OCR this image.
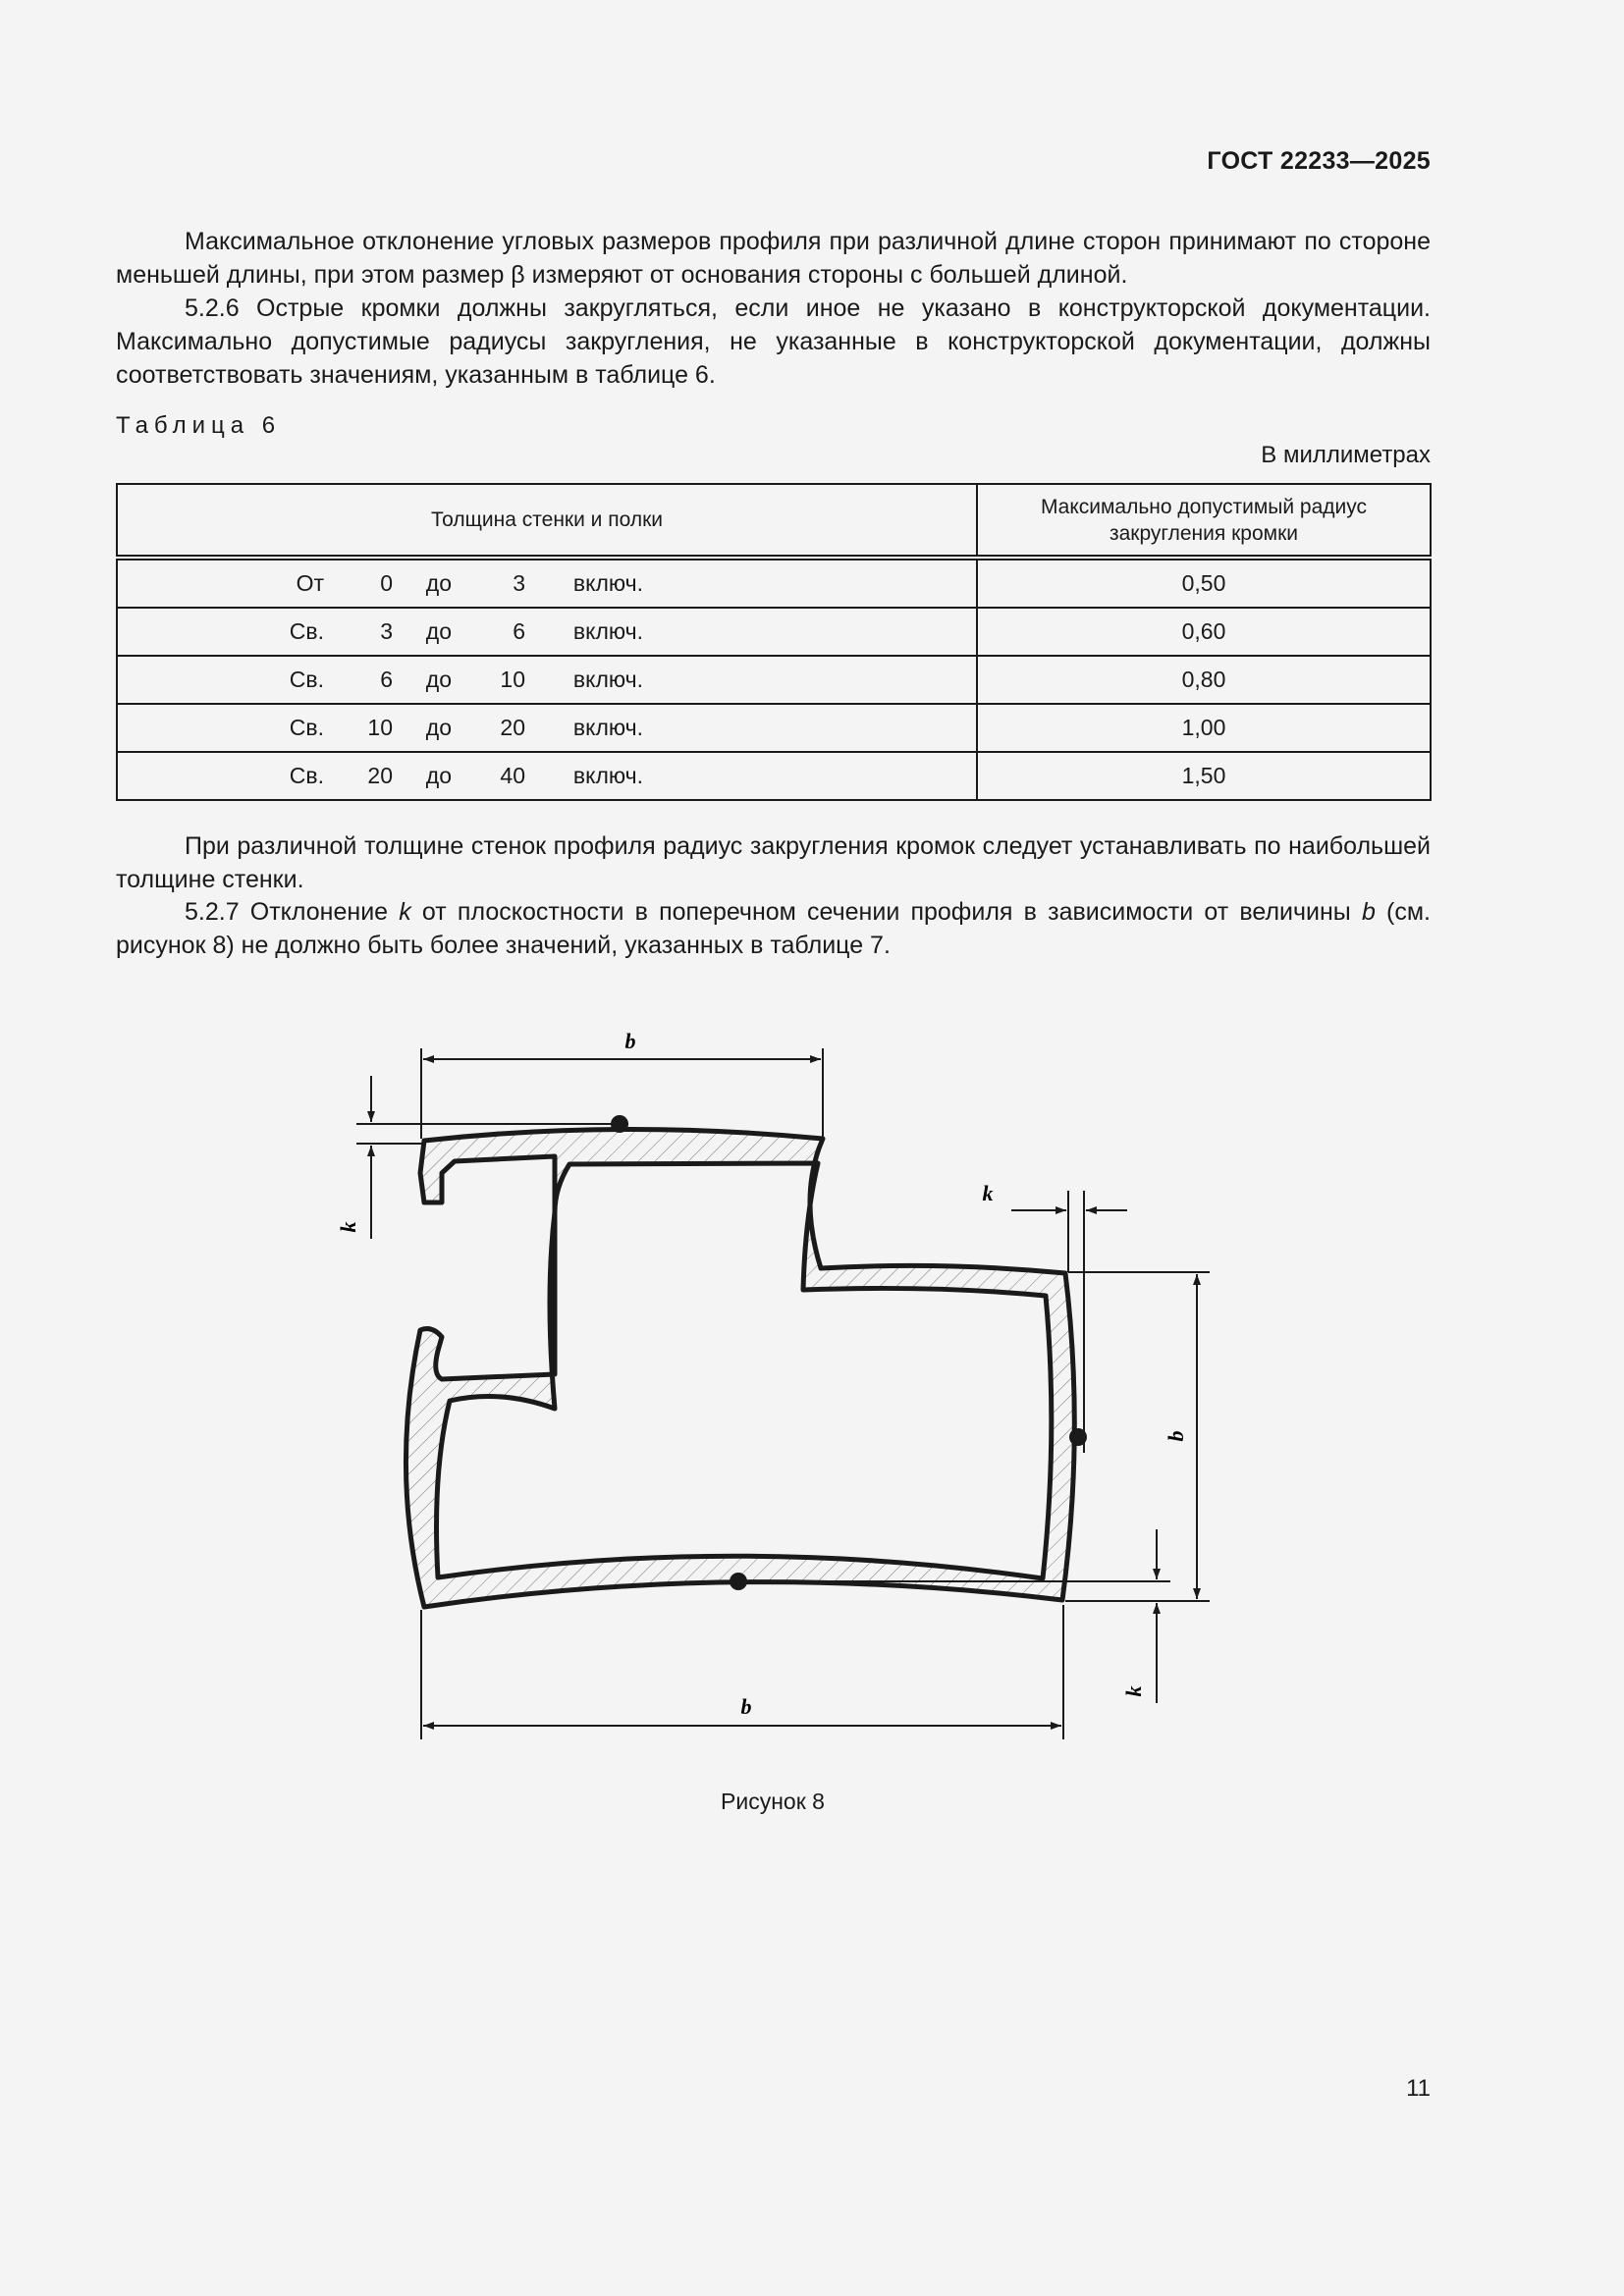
ГОСТ 22233—2025

Максимальное отклонение угловых размеров профиля при различной длине сторон принимают по стороне меньшей длины, при этом размер β измеряют от основания стороны с большей длиной.

5.2.6 Острые кромки должны закругляться, если иное не указано в конструкторской документации. Максимально допустимые радиусы закругления, не указанные в конструкторской документации, должны соответствовать значениям, указанным в таблице 6.

Таблица 6
В миллиметрах
Толщина стенки и полки	Максимально допустимый радиус закругления кромки

От 0 до 3 включ.	0,50

Св. 3 до 6 включ.	0,60

Св. 6 до 10 включ.	0,80

Св. 10 до 20 включ.	1,00

Св. 20 до 40 включ.	1,50

При различной толщине стенок профиля радиус закругления кромок следует устанавливать по наибольшей толщине стенки.

5.2.7 Отклонение k от плоскостности в поперечном сечении профиля в зависимости от величины b (см. рисунок 8) не должно быть более значений, указанных в таблице 7.

b
k
k
b
k
b
Рисунок 8
11
